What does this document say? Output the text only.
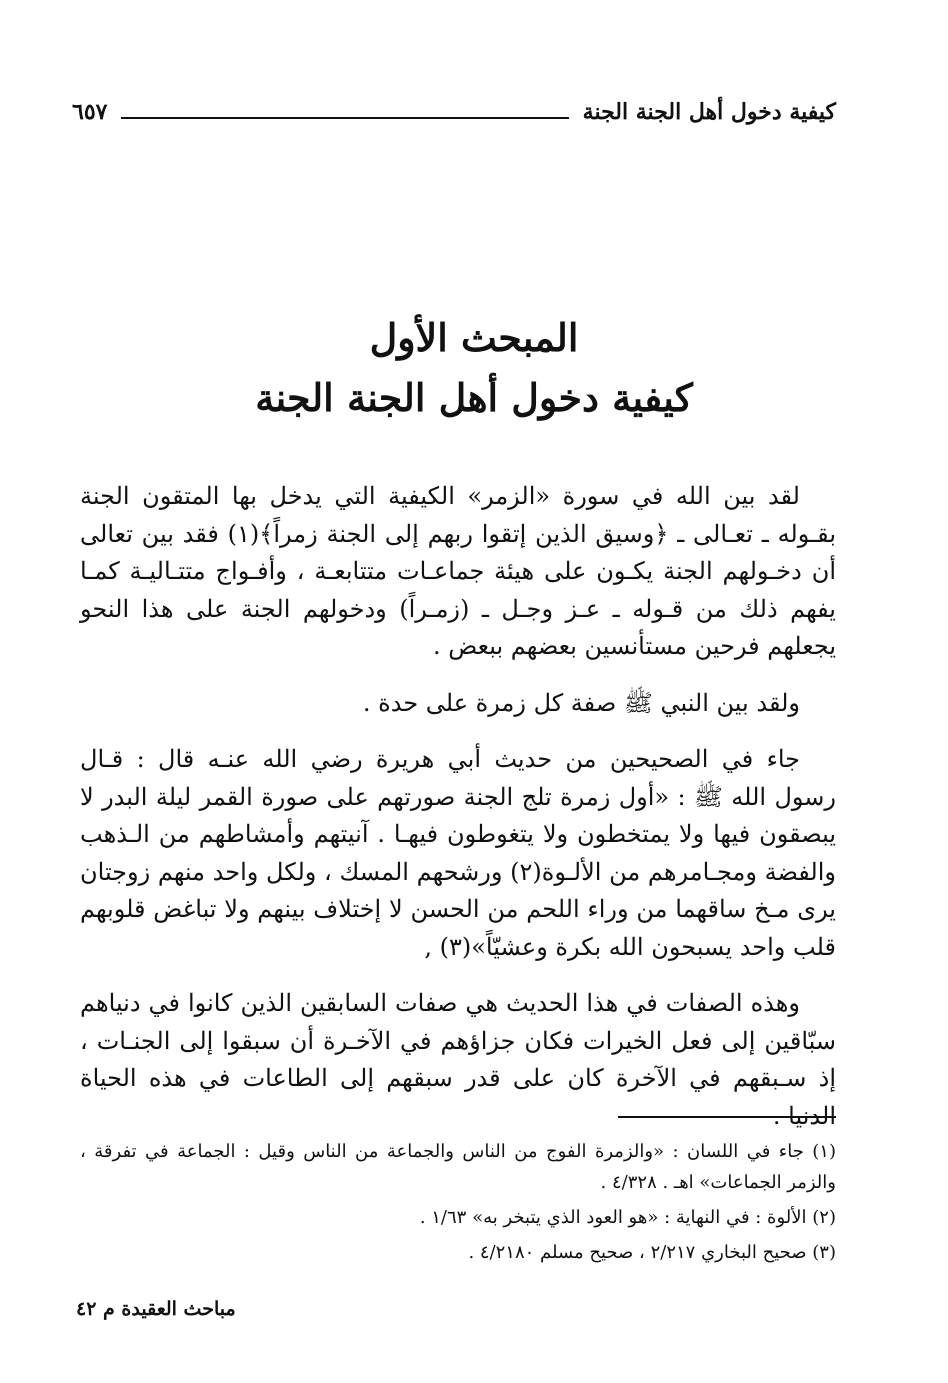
كيفية دخول أهل الجنة الجنة
٦٥٧
المبحث الأول
كيفية دخول أهل الجنة الجنة

لقد بين الله في سورة «الزمر» الكيفية التي يدخل بها المتقون الجنة بقـوله ـ تعـالى ـ ﴿وسيق الذين إتقوا ربهم إلى الجنة زمراً﴾(١) فقد بين تعالى أن دخـولهم الجنة يكـون على هيئة جماعـات متتابعـة ، وأفـواج متتـاليـة كمـا يفهم ذلك من قـوله ـ عـز وجـل ـ (زمـراً) ودخولهم الجنة على هذا النحو يجعلهم فرحين مستأنسين بعضهم ببعض .

ولقد بين النبي ﷺ صفة كل زمرة على حدة .

جاء في الصحيحين من حديث أبي هريرة رضي الله عنـه قال : قـال رسول الله ﷺ : «أول زمرة تلج الجنة صورتهم على صورة القمر ليلة البدر لا يبصقون فيها ولا يمتخطون ولا يتغوطون فيهـا . آنيتهم وأمشاطهم من الـذهب والفضة ومجـامرهم من الألـوة(٢) ورشحهم المسك ، ولكل واحد منهم زوجتان يرى مـخ ساقهما من وراء اللحم من الحسن لا إختلاف بينهم ولا تباغض قلوبهم قلب واحد يسبحون الله بكرة وعشيّاً»(٣) ,

وهذه الصفات في هذا الحديث هي صفات السابقين الذين كانوا في دنياهم سبّاقين إلى فعل الخيرات فكان جزاؤهم في الآخـرة أن سبقوا إلى الجنـات ، إذ سـبقهم في الآخرة كان على قدر سبقهم إلى الطاعات في هذه الحياة الدنيا .

(١) جاء في اللسان : «والزمرة الفوج من الناس والجماعة من الناس وقيل : الجماعة في تفرقة ، والزمر الجماعات» اهـ . ٤/٣٢٨ .

(٢) الألوة : في النهاية : «هو العود الذي يتبخر به» ١/٦٣ .

(٣) صحيح البخاري ٢/٢١٧ ، صحيح مسلم ٤/٢١٨٠ .

مباحث العقيدة م ٤٢
